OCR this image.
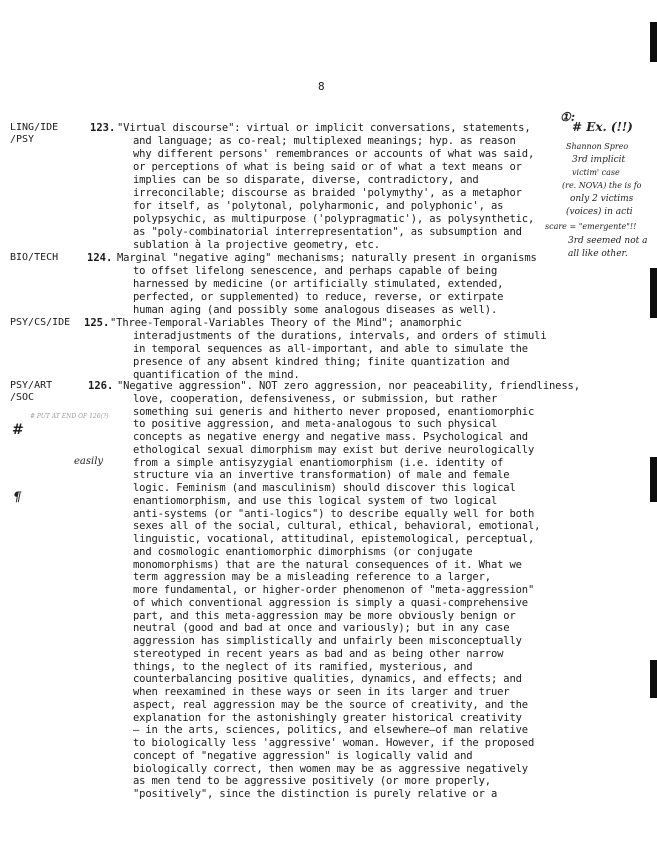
8
LING/IDE
/PSY
123. "Virtual discourse": virtual or implicit conversations, statements,
and language; as co-real; multiplexed meanings; hyp. as reason
why different persons' remembrances or accounts of what was said,
or perceptions of what is being said or of what a text means or
implies can be so disparate, diverse, contradictory, and
irreconcilable; discourse as braided 'polymythy', as a metaphor
for itself, as 'polytonal, polyharmonic, and polyphonic', as
polypsychic, as multipurpose ('polypragmatic'), as polysynthetic,
as "poly-combinatorial interrepresentation", as subsumption and
sublation à la projective geometry, etc.
BIO/TECH	124. Marginal "negative aging" mechanisms; naturally present in organisms
to offset lifelong senescence, and perhaps capable of being
harnessed by medicine (or artificially stimulated, extended,
perfected, or supplemented) to reduce, reverse, or extirpate
human aging (and possibly some analogous diseases as well).
PSY/CS/IDE 125. "Three-Temporal-Variables Theory of the Mind"; anamorphic
interadjustments of the durations, intervals, and orders of stimuli
in temporal sequences as all-important, and able to simulate the
presence of any absent kindred thing; finite quantization and
quantification of the mind.
PSY/ART
/SOC
126. "Negative aggression". NOT zero aggression, nor peaceability, friendliness,
love, cooperation, defensiveness, or submission, but rather
something sui generis and hitherto never proposed, enantiomorphic
to positive aggression, and meta-analogous to such physical
concepts as negative energy and negative mass. Psychological and
ethological sexual dimorphism may exist but derive neurologically
from a simple antisyzygial enantiomorphism (i.e. identity of
structure via an invertive transformation) of male and female
logic. Feminism (and masculinism) should discover this logical
enantiomorphism, and use this logical system of two logical
anti-systems (or "anti-logics") to describe equally well for both
sexes all of the social, cultural, ethical, behavioral, emotional,
linguistic, vocational, attitudinal, epistemological, perceptual,
and cosmologic enantiomorphic dimorphisms (or conjugate
monomorphisms) that are the natural consequences of it. What we
term aggression may be a misleading reference to a larger,
more fundamental, or higher-order phenomenon of "meta-aggression"
of which conventional aggression is simply a quasi-comprehensive
part, and this meta-aggression may be more obviously benign or
neutral (good and bad at once and variously); but in any case
aggression has simplistically and unfairly been misconceptually
stereotyped in recent years as bad and as being other narrow
things, to the neglect of its ramified, mysterious, and
counterbalancing positive qualities, dynamics, and effects; and
when reexamined in these ways or seen in its larger and truer
aspect, real aggression may be the source of creativity, and the
explanation for the astonishingly greater historical creativity
— in the arts, sciences, politics, and elsewhere—of man relative
to biologically less 'aggressive' woman. However, if the proposed
concept of "negative aggression" is logically valid and
biologically correct, then women may be as aggressive negatively
as men tend to be aggressive positively (or more properly,
"positively", since the distinction is purely relative or a
①:
# Ex. (!!)
Shannon Spreo
3rd implicit
victim' case
(re. NOVA) the is fo
only 2 victims
(voices) in acti
scare = "emergente"!!
3rd seemed not a
all like other.
# PUT AT END OF 126(?)
#
easily
¶
